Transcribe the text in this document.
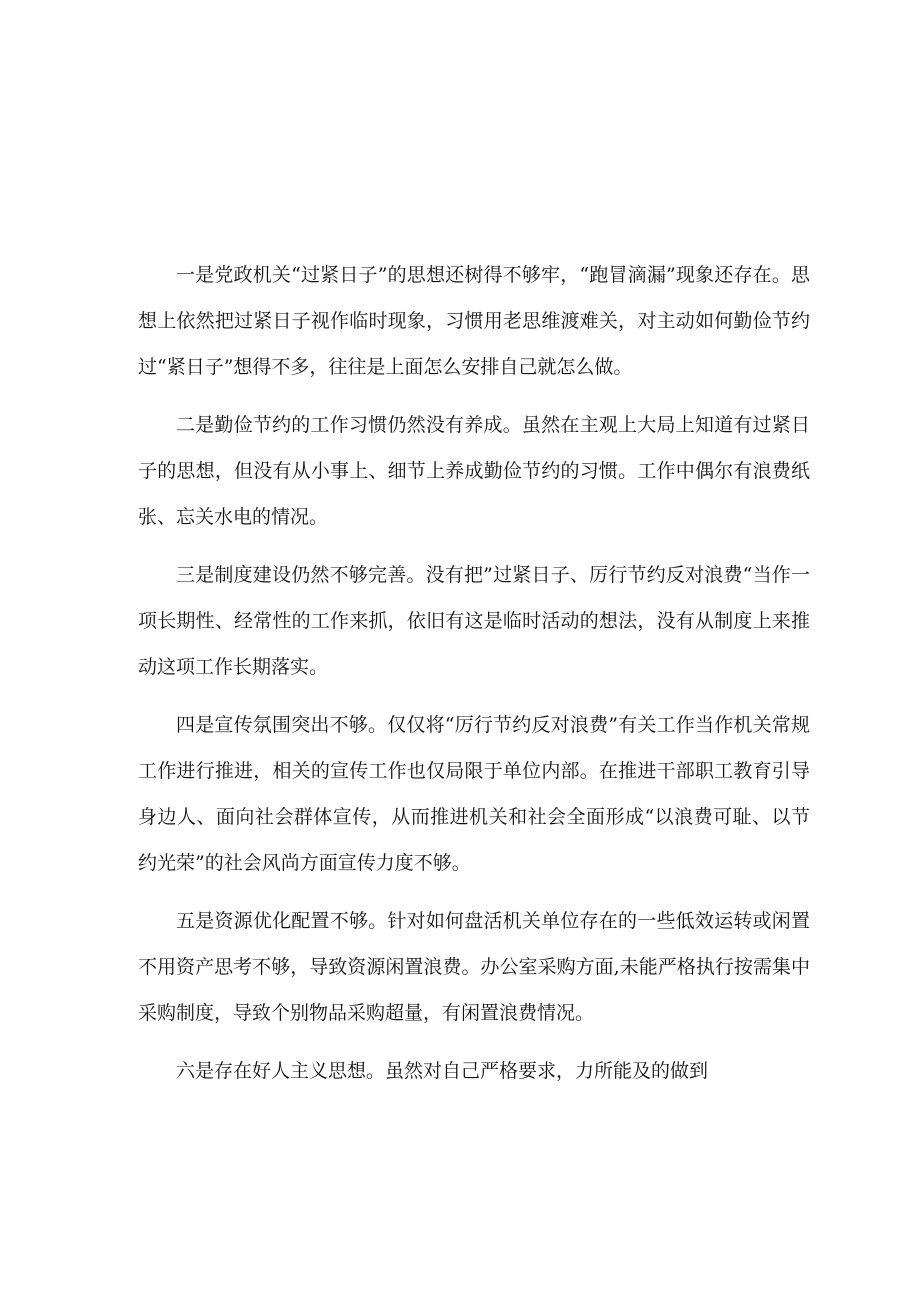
一是党政机关“过紧日子”的思想还树得不够牢，“跑冒滴漏”现象还存在。思想上依然把过紧日子视作临时现象，习惯用老思维渡难关，对主动如何勤俭节约过“紧日子”想得不多，往往是上面怎么安排自己就怎么做。

二是勤俭节约的工作习惯仍然没有养成。虽然在主观上大局上知道有过紧日子的思想，但没有从小事上、细节上养成勤俭节约的习惯。工作中偶尔有浪费纸张、忘关水电的情况。

三是制度建设仍然不够完善。没有把”过紧日子、厉行节约反对浪费“当作一项长期性、经常性的工作来抓，依旧有这是临时活动的想法，没有从制度上来推动这项工作长期落实。

四是宣传氛围突出不够。仅仅将“厉行节约反对浪费”有关工作当作机关常规工作进行推进，相关的宣传工作也仅局限于单位内部。在推进干部职工教育引导身边人、面向社会群体宣传，从而推进机关和社会全面形成“以浪费可耻、以节约光荣”的社会风尚方面宣传力度不够。

五是资源优化配置不够。针对如何盘活机关单位存在的一些低效运转或闲置不用资产思考不够，导致资源闲置浪费。办公室采购方面,未能严格执行按需集中采购制度，导致个别物品采购超量，有闲置浪费情况。

六是存在好人主义思想。虽然对自己严格要求，力所能及的做到
